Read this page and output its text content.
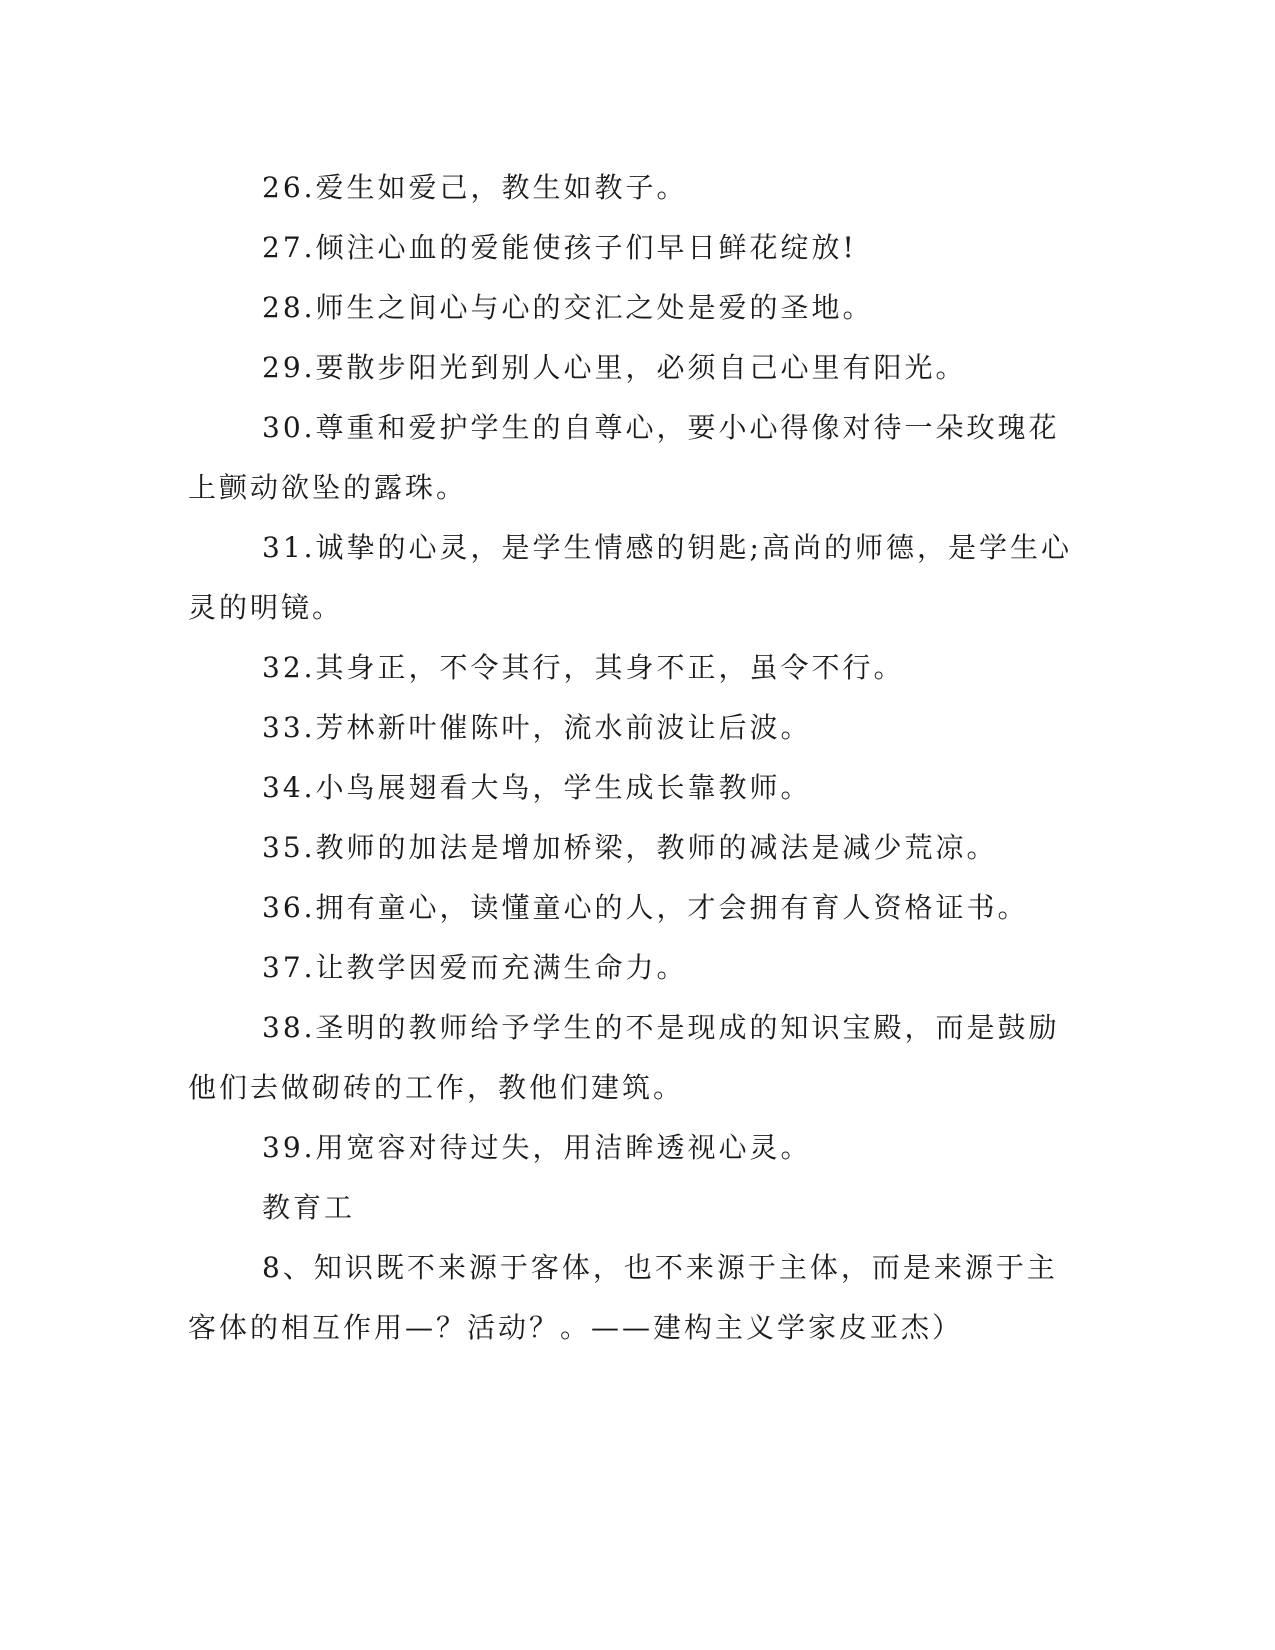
26.爱生如爱己，教生如教子。

27.倾注心血的爱能使孩子们早日鲜花绽放!

28.师生之间心与心的交汇之处是爱的圣地。

29.要散步阳光到别人心里，必须自己心里有阳光。

30.尊重和爱护学生的自尊心，要小心得像对待一朵玫瑰花上颤动欲坠的露珠。

31.诚挚的心灵，是学生情感的钥匙;高尚的师德，是学生心灵的明镜。

32.其身正，不令其行，其身不正，虽令不行。

33.芳林新叶催陈叶，流水前波让后波。

34.小鸟展翅看大鸟，学生成长靠教师。

35.教师的加法是增加桥梁，教师的减法是减少荒凉。

36.拥有童心，读懂童心的人，才会拥有育人资格证书。

37.让教学因爱而充满生命力。

38.圣明的教师给予学生的不是现成的知识宝殿，而是鼓励他们去做砌砖的工作，教他们建筑。

39.用宽容对待过失，用洁眸透视心灵。

教育工

8、知识既不来源于客体，也不来源于主体，而是来源于主客体的相互作用—？活动？。——建构主义学家皮亚杰）
